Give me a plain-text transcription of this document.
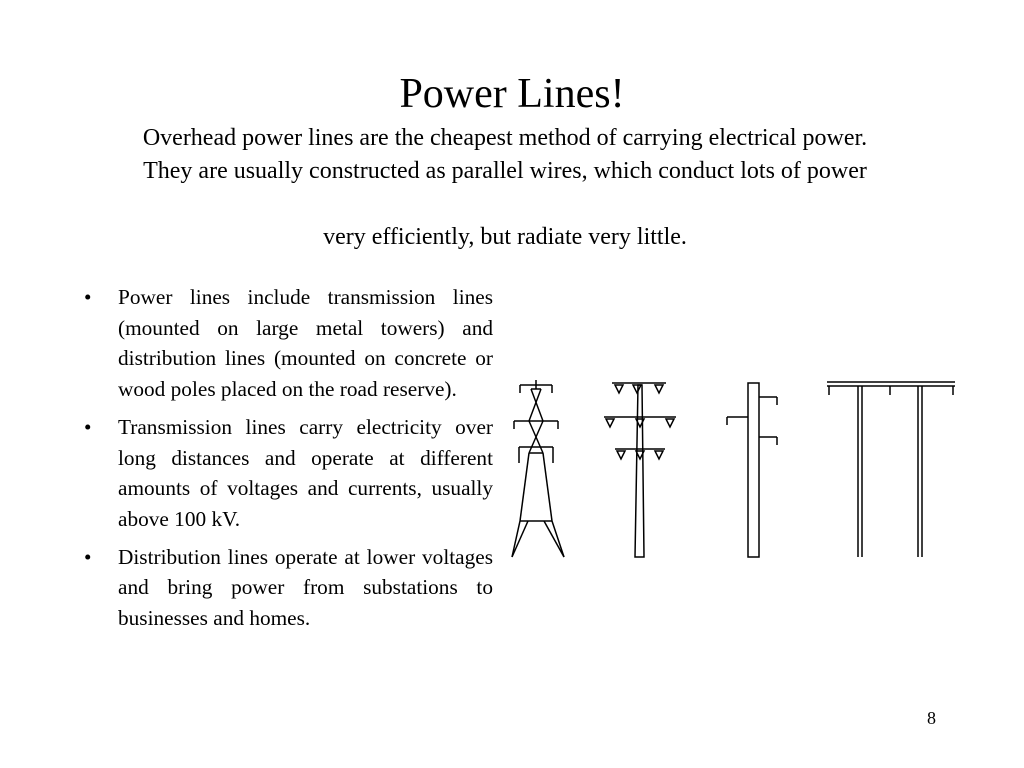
Power Lines!
Overhead power lines are the cheapest method of carrying electrical power.
They are usually constructed as parallel wires, which conduct lots of power
very efficiently, but radiate very little.
• Power lines include transmission lines (mounted on large metal towers) and distribution lines (mounted on concrete or wood poles placed on the road reserve).
• Transmission lines carry electricity over long distances and operate at different amounts of voltages and currents, usually above 100 kV.
• Distribution lines operate at lower voltages and bring power from substations to businesses and homes.
8
